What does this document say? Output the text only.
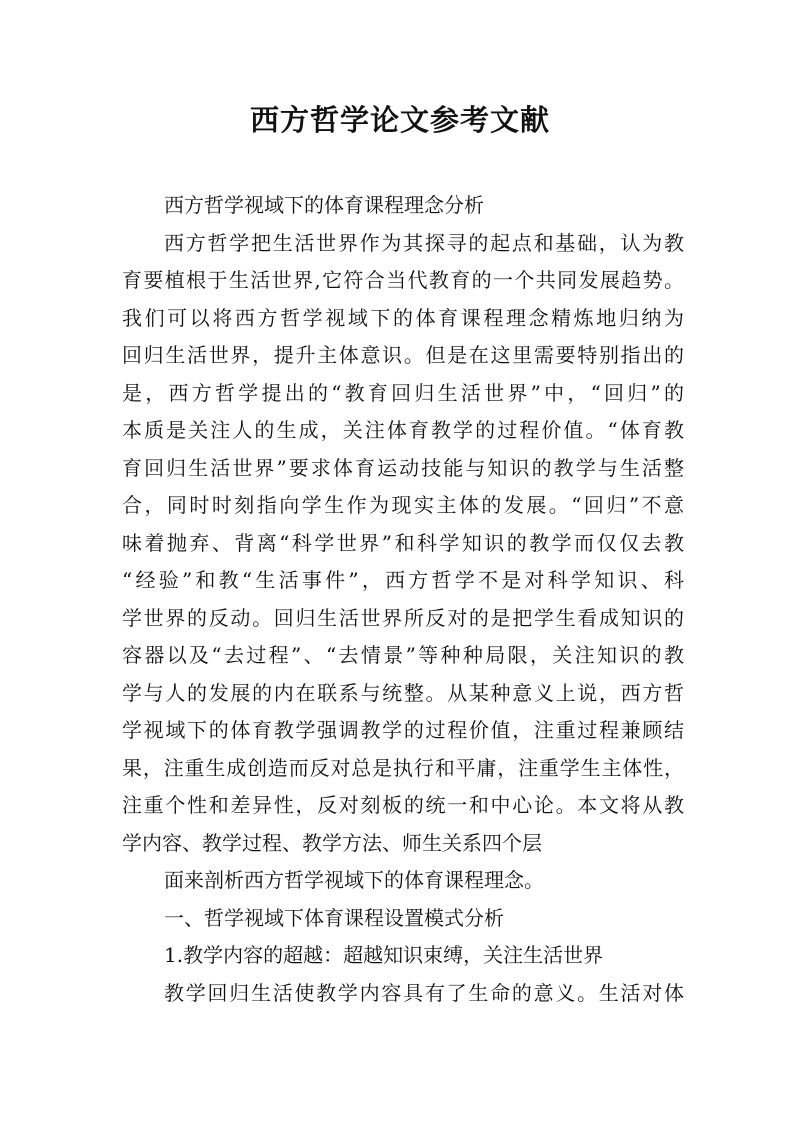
西方哲学论文参考文献
西方哲学视域下的体育课程理念分析
西方哲学把生活世界作为其探寻的起点和基础，认为教
育要植根于生活世界,它符合当代教育的一个共同发展趋势。
我们可以将西方哲学视域下的体育课程理念精炼地归纳为
回归生活世界，提升主体意识。但是在这里需要特别指出的
是，西方哲学提出的“教育回归生活世界”中，“回归”的
本质是关注人的生成，关注体育教学的过程价值。“体育教
育回归生活世界”要求体育运动技能与知识的教学与生活整
合，同时时刻指向学生作为现实主体的发展。“回归”不意
味着抛弃、背离“科学世界”和科学知识的教学而仅仅去教
“经验”和教“生活事件”，西方哲学不是对科学知识、科
学世界的反动。回归生活世界所反对的是把学生看成知识的
容器以及“去过程”、“去情景”等种种局限，关注知识的教
学与人的发展的内在联系与统整。从某种意义上说，西方哲
学视域下的体育教学强调教学的过程价值，注重过程兼顾结
果，注重生成创造而反对总是执行和平庸，注重学生主体性，
注重个性和差异性，反对刻板的统一和中心论。本文将从教
学内容、教学过程、教学方法、师生关系四个层
面来剖析西方哲学视域下的体育课程理念。
一、哲学视域下体育课程设置模式分析
1.教学内容的超越：超越知识束缚，关注生活世界
教学回归生活使教学内容具有了生命的意义。生活对体
